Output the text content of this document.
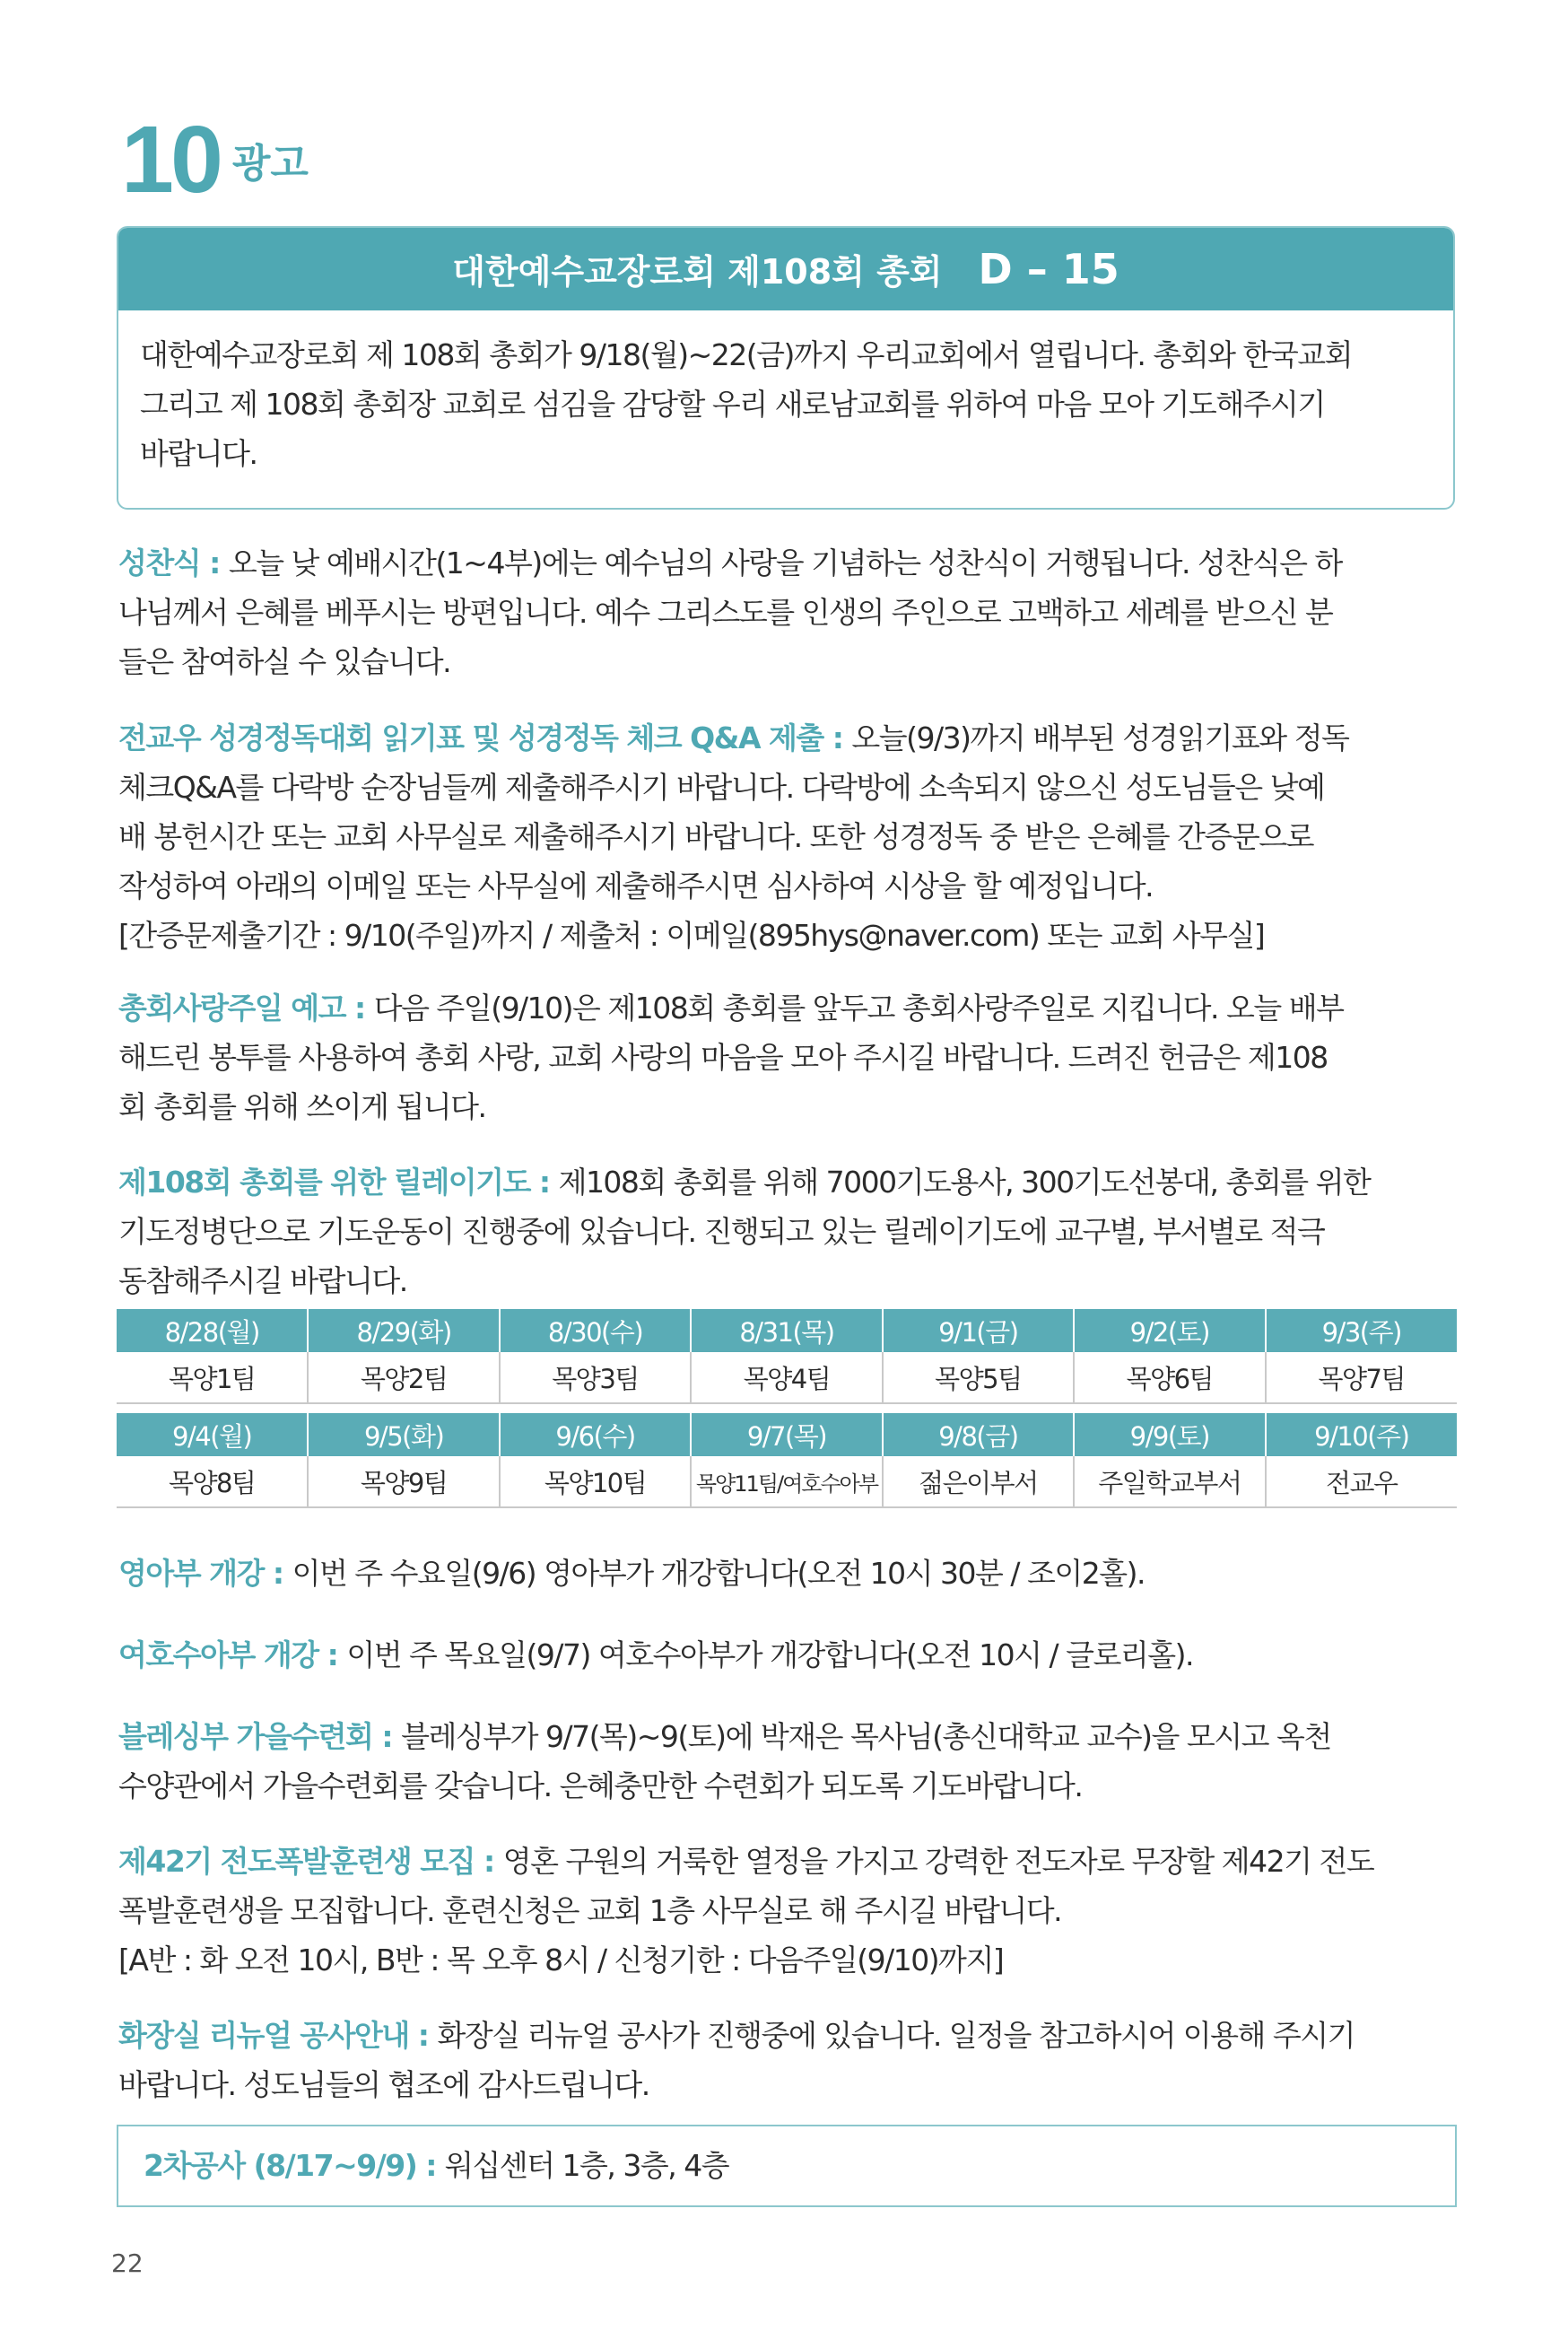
10 광고
대한예수교장로회 제108회 총회 D – 15
대한예수교장로회 제 108회 총회가 9/18(월)~22(금)까지 우리교회에서 열립니다. 총회와 한국교회
그리고 제 108회 총회장 교회로 섬김을 감당할 우리 새로남교회를 위하여 마음 모아 기도해주시기
바랍니다.
성찬식 : 오늘 낮 예배시간(1~4부)에는 예수님의 사랑을 기념하는 성찬식이 거행됩니다. 성찬식은 하
나님께서 은혜를 베푸시는 방편입니다. 예수 그리스도를 인생의 주인으로 고백하고 세례를 받으신 분
들은 참여하실 수 있습니다.
전교우 성경정독대회 읽기표 및 성경정독 체크 Q&A 제출 : 오늘(9/3)까지 배부된 성경읽기표와 정독
체크Q&A를 다락방 순장님들께 제출해주시기 바랍니다. 다락방에 소속되지 않으신 성도님들은 낮예
배 봉헌시간 또는 교회 사무실로 제출해주시기 바랍니다. 또한 성경정독 중 받은 은혜를 간증문으로
작성하여 아래의 이메일 또는 사무실에 제출해주시면 심사하여 시상을 할 예정입니다.
[간증문제출기간 : 9/10(주일)까지 / 제출처 : 이메일(895hys@naver.com) 또는 교회 사무실]
총회사랑주일 예고 : 다음 주일(9/10)은 제108회 총회를 앞두고 총회사랑주일로 지킵니다. 오늘 배부
해드린 봉투를 사용하여 총회 사랑, 교회 사랑의 마음을 모아 주시길 바랍니다. 드려진 헌금은 제108
회 총회를 위해 쓰이게 됩니다.
제108회 총회를 위한 릴레이기도 : 제108회 총회를 위해 7000기도용사, 300기도선봉대, 총회를 위한
기도정병단으로 기도운동이 진행중에 있습니다. 진행되고 있는 릴레이기도에 교구별, 부서별로 적극
동참해주시길 바랍니다.
8/28(월)	8/29(화)	8/30(수)	8/31(목)	9/1(금)	9/2(토)	9/3(주)
목양1팀	목양2팀	목양3팀	목양4팀	목양5팀	목양6팀	목양7팀

9/4(월)	9/5(화)	9/6(수)	9/7(목)	9/8(금)	9/9(토)	9/10(주)
목양8팀	목양9팀	목양10팀	목양11팀/여호수아부	젊은이부서	주일학교부서	전교우
영아부 개강 : 이번 주 수요일(9/6) 영아부가 개강합니다(오전 10시 30분 / 조이2홀).
여호수아부 개강 : 이번 주 목요일(9/7) 여호수아부가 개강합니다(오전 10시 / 글로리홀).
블레싱부 가을수련회 : 블레싱부가 9/7(목)~9(토)에 박재은 목사님(총신대학교 교수)을 모시고 옥천
수양관에서 가을수련회를 갖습니다. 은혜충만한 수련회가 되도록 기도바랍니다.
제42기 전도폭발훈련생 모집 : 영혼 구원의 거룩한 열정을 가지고 강력한 전도자로 무장할 제42기 전도
폭발훈련생을 모집합니다. 훈련신청은 교회 1층 사무실로 해 주시길 바랍니다.
[A반 : 화 오전 10시, B반 : 목 오후 8시 / 신청기한 : 다음주일(9/10)까지]
화장실 리뉴얼 공사안내 : 화장실 리뉴얼 공사가 진행중에 있습니다. 일정을 참고하시어 이용해 주시기
바랍니다. 성도님들의 협조에 감사드립니다.
2차공사 (8/17~9/9) : 워십센터 1층, 3층, 4층
22
